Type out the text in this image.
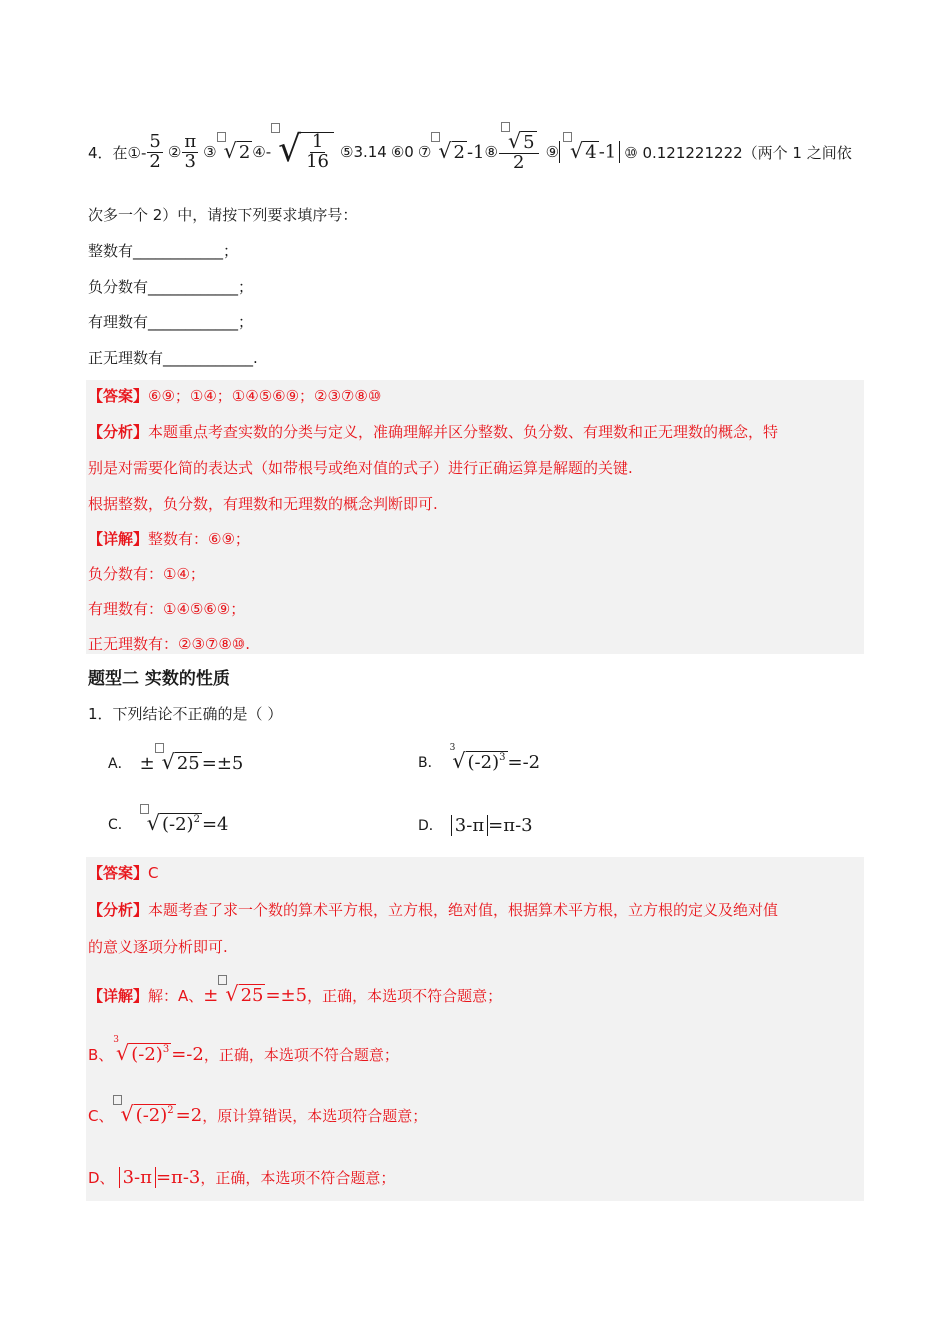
4． 在①- $\frac{5}{2}$ ② $\frac{\pi}{3}$ ③ √ 2 ④- √ $\frac{1}{16}$ ⑤3.14 ⑥0 ⑦ √ 2 -1 ⑧ $\frac{√ 5}{2}$ ⑨ √ 4 -1 ⑩ 0.121221222（两个 1 之间依
次多一个 2）中，请按下列要求填序号：
整数有____________；
负分数有____________；
有理数有____________；
正无理数有____________.
【答案】⑥⑨；①④；①④⑤⑥⑨；②③⑦⑧⑩
【分析】本题重点考查实数的分类与定义，准确理解并区分整数、负分数、有理数和正无理数的概念，特
别是对需要化简的表达式（如带根号或绝对值的式子）进行正确运算是解题的关键.
根据整数，负分数，有理数和无理数的概念判断即可.
【详解】整数有：⑥⑨；
负分数有：①④；
有理数有：①④⑤⑥⑨；
正无理数有：②③⑦⑧⑩.
题型二 实数的性质
1．下列结论不正确的是（ ）
A． ± √ 25 =±5	B．
3
√ $(-2)^3 =-2$
C． √ $(-2)^2 =4$	D． 3-π =π-3
【答案】C
【分析】本题考查了求一个数的算术平方根，立方根，绝对值，根据算术平方根，立方根的定义及绝对值
的意义逐项分析即可.
【详解】 解：A、 ± √ 25 =±5 ，正确，本选项不符合题意；
B、
3
√ $(-2)^3 =-2$ ，正确，本选项不符合题意；
C、 √ $(-2)^2 =2$ ，原计算错误，本选项符合题意；
D、 3-π =π-3 ，正确，本选项不符合题意；
